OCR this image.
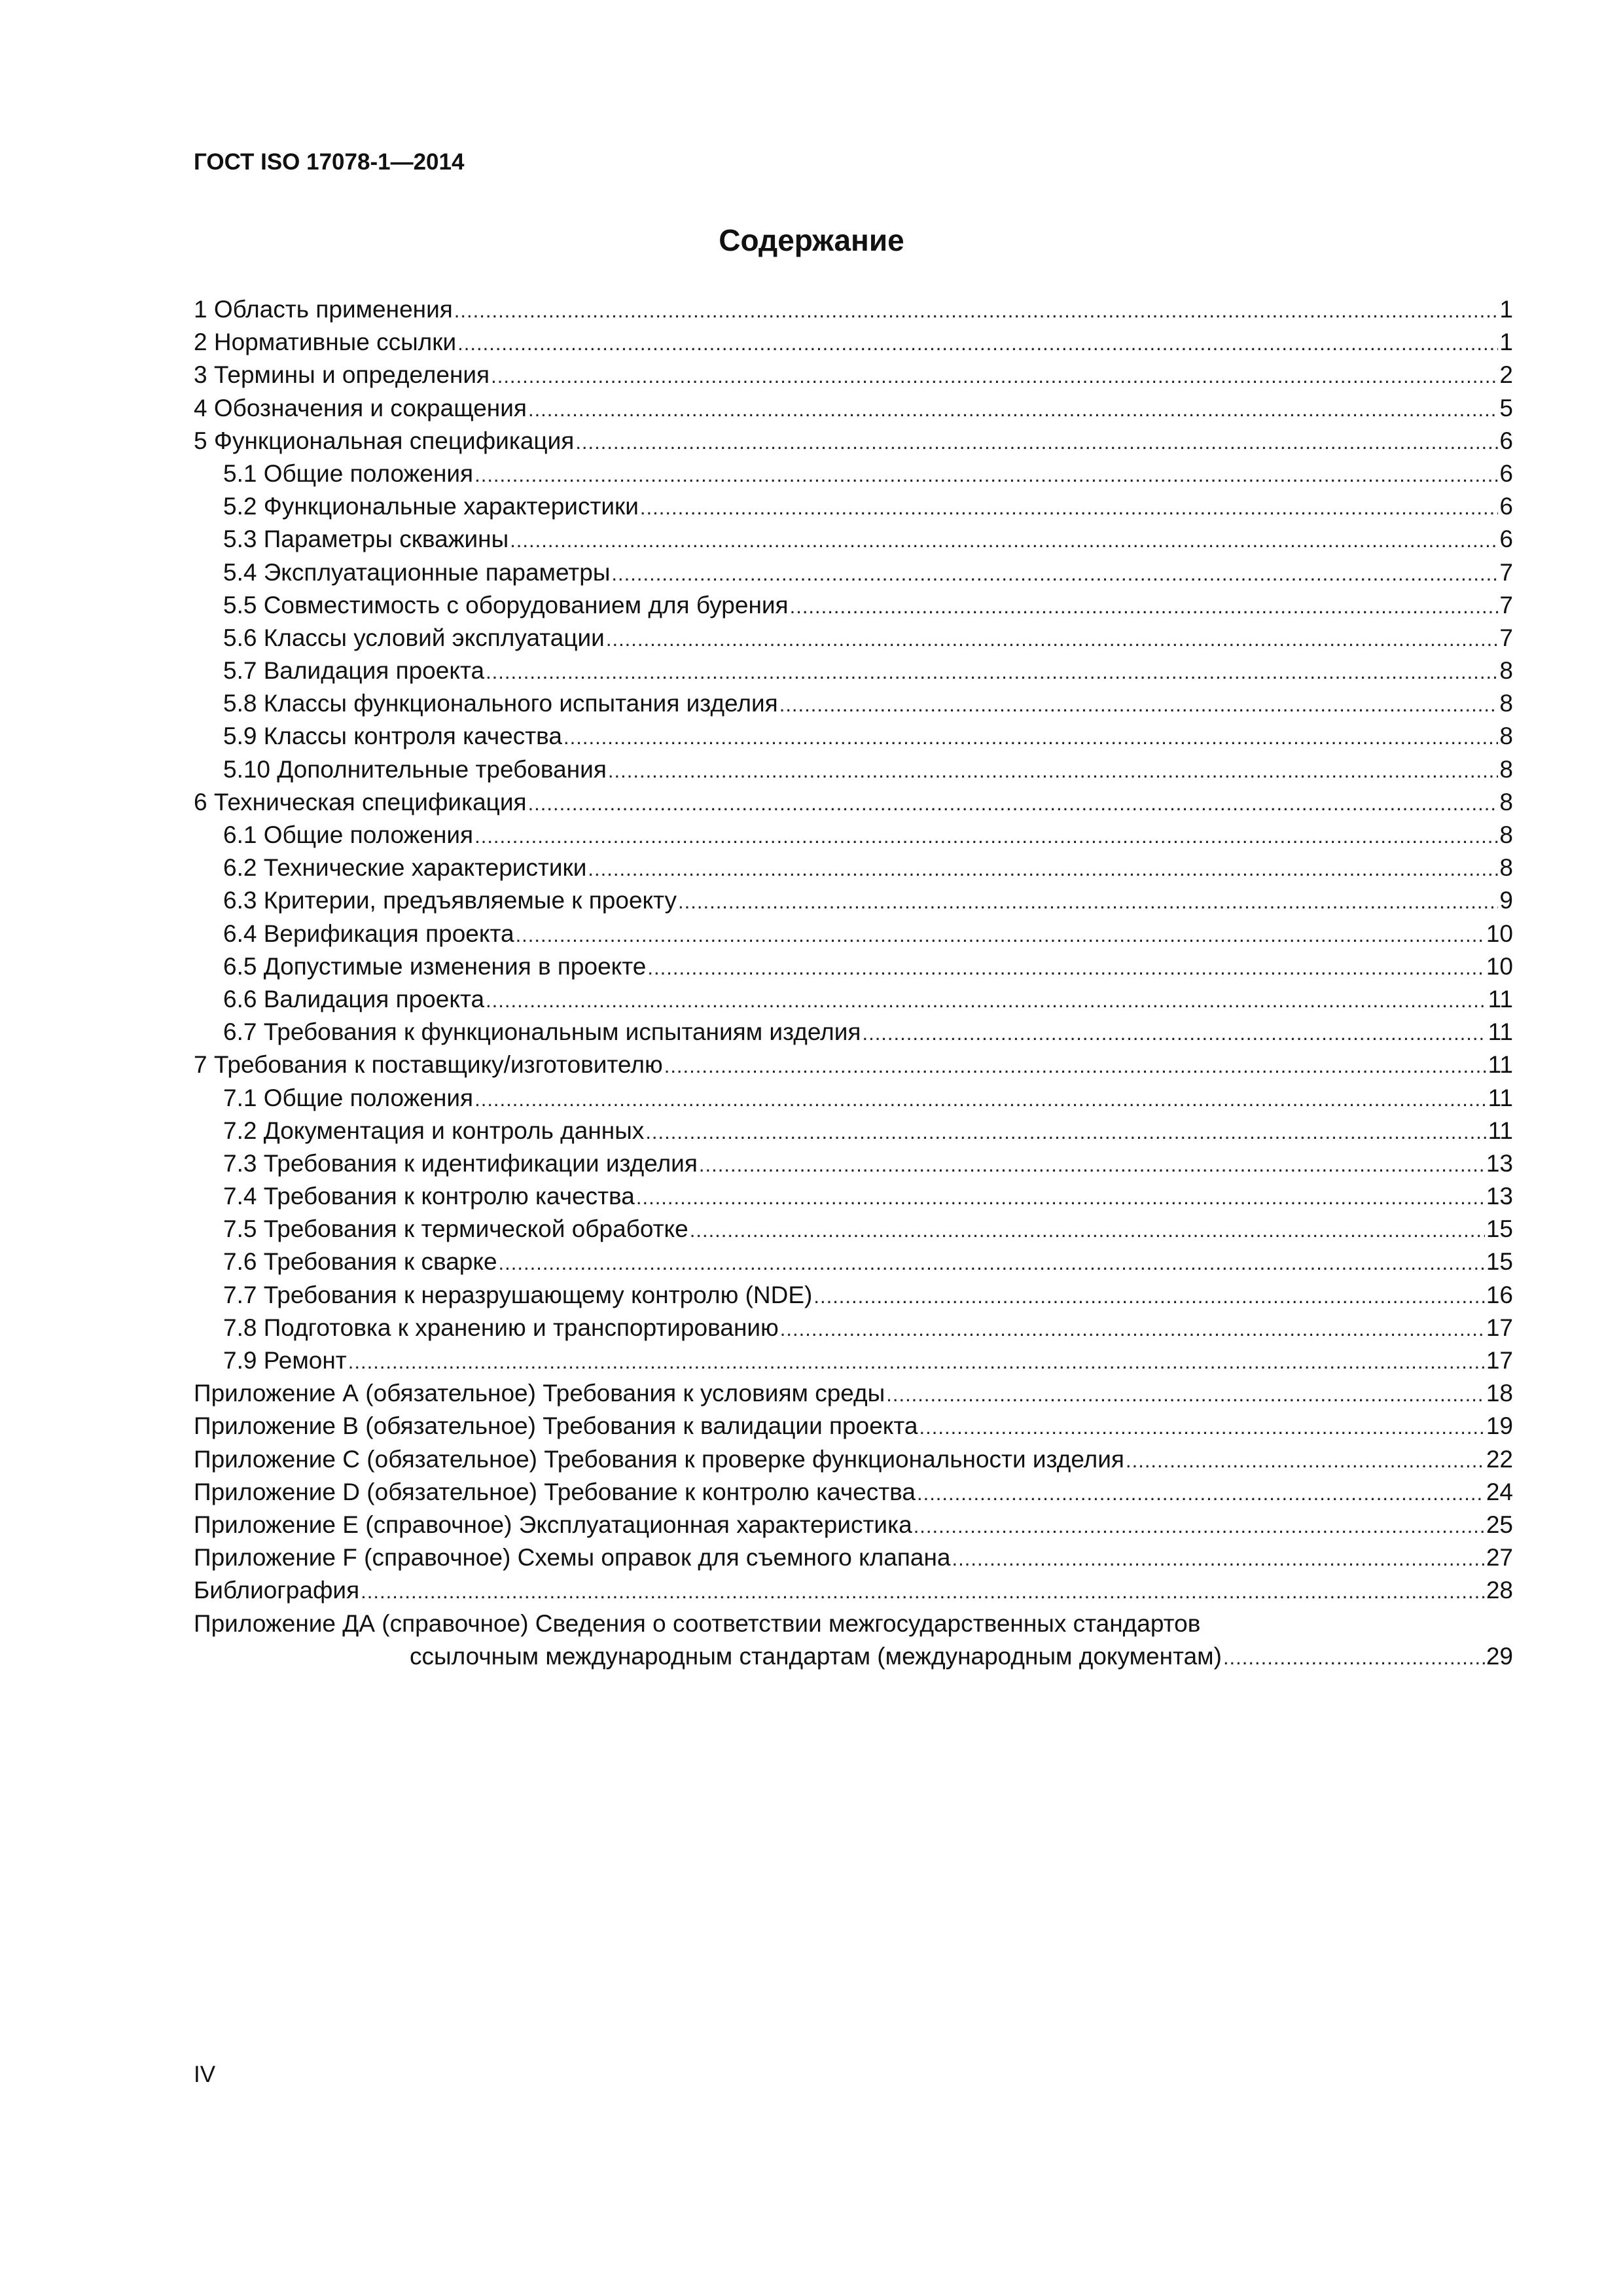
ГОСТ ISO 17078-1—2014
Содержание
1 Область применения .....	1
2 Нормативные ссылки .....	1
3 Термины и определения .....	2
4 Обозначения и сокращения .....	5
5 Функциональная спецификация .....	6
5.1 Общие положения .....	6
5.2 Функциональные характеристики .....	6
5.3 Параметры скважины .....	6
5.4 Эксплуатационные параметры .....	7
5.5 Совместимость с оборудованием для бурения .....	7
5.6 Классы условий эксплуатации .....	7
5.7 Валидация проекта .....	8
5.8 Классы функционального испытания изделия .....	8
5.9 Классы контроля качества .....	8
5.10 Дополнительные требования .....	8
6 Техническая спецификация .....	8
6.1 Общие положения .....	8
6.2 Технические характеристики .....	8
6.3 Критерии, предъявляемые к проекту .....	9
6.4 Верификация проекта .....	10
6.5 Допустимые изменения в проекте .....	10
6.6 Валидация проекта .....	11
6.7 Требования к функциональным испытаниям изделия .....	11
7 Требования к поставщику/изготовителю .....	11
7.1 Общие положения .....	11
7.2 Документация и контроль данных .....	11
7.3 Требования к идентификации изделия .....	13
7.4 Требования к контролю качества .....	13
7.5 Требования к термической обработке .....	15
7.6 Требования к сварке .....	15
7.7 Требования к неразрушающему контролю (NDE) .....	16
7.8 Подготовка к хранению и транспортированию .....	17
7.9 Ремонт .....	17
Приложение А (обязательное) Требования к условиям среды .....	18
Приложение В (обязательное) Требования к валидации проекта .....	19
Приложение С (обязательное) Требования к проверке функциональности изделия .....	22
Приложение D (обязательное) Требование к контролю качества .....	24
Приложение Е (справочное) Эксплуатационная характеристика .....	25
Приложение F (справочное) Схемы оправок для съемного клапана .....	27
Библиография .....	28
Приложение ДА (справочное) Сведения о соответствии межгосударственных стандартов
ссылочным международным стандартам (международным документам) .....	29
IV
